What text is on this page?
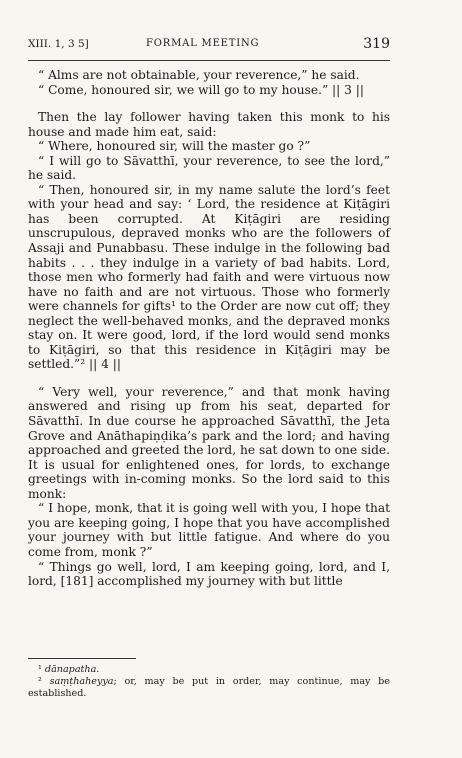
XIII. 1, 3 5]	FORMAL MEETING	319

“ Alms are not obtainable, your reverence,” he said.

“ Come, honoured sir, we will go to my house.” || 3 ||

Then the lay follower having taken this monk to his house and made him eat, said:

“ Where, honoured sir, will the master go ?”

“ I will go to Sāvatthī, your reverence, to see the lord,” he said.

“ Then, honoured sir, in my name salute the lord’s feet with your head and say: ‘ Lord, the residence at Kiṭāgiri has been corrupted. At Kiṭāgiri are residing unscrupulous, depraved monks who are the followers of Assaji and Punabbasu. These indulge in the following bad habits . . . they indulge in a variety of bad habits. Lord, those men who formerly had faith and were virtuous now have no faith and are not virtuous. Those who formerly were channels for gifts¹ to the Order are now cut off; they neglect the well-behaved monks, and the depraved monks stay on. It were good, lord, if the lord would send monks to Kiṭāgiri, so that this residence in Kiṭāgiri may be settled.”² || 4 ||

“ Very well, your reverence,” and that monk having answered and rising up from his seat, departed for Sāvatthī. In due course he approached Sāvatthī, the Jeta Grove and Anāthapiṇḍika’s park and the lord; and having approached and greeted the lord, he sat down to one side. It is usual for enlightened ones, for lords, to exchange greetings with in-coming monks. So the lord said to this monk:

“ I hope, monk, that it is going well with you, I hope that you are keeping going, I hope that you have accomplished your journey with but little fatigue. And where do you come from, monk ?”

“ Things go well, lord, I am keeping going, lord, and I, lord, [181] accomplished my journey with but little

¹ dānapatha.

² saṃṭhaheyya; or, may be put in order, may continue, may be established.
